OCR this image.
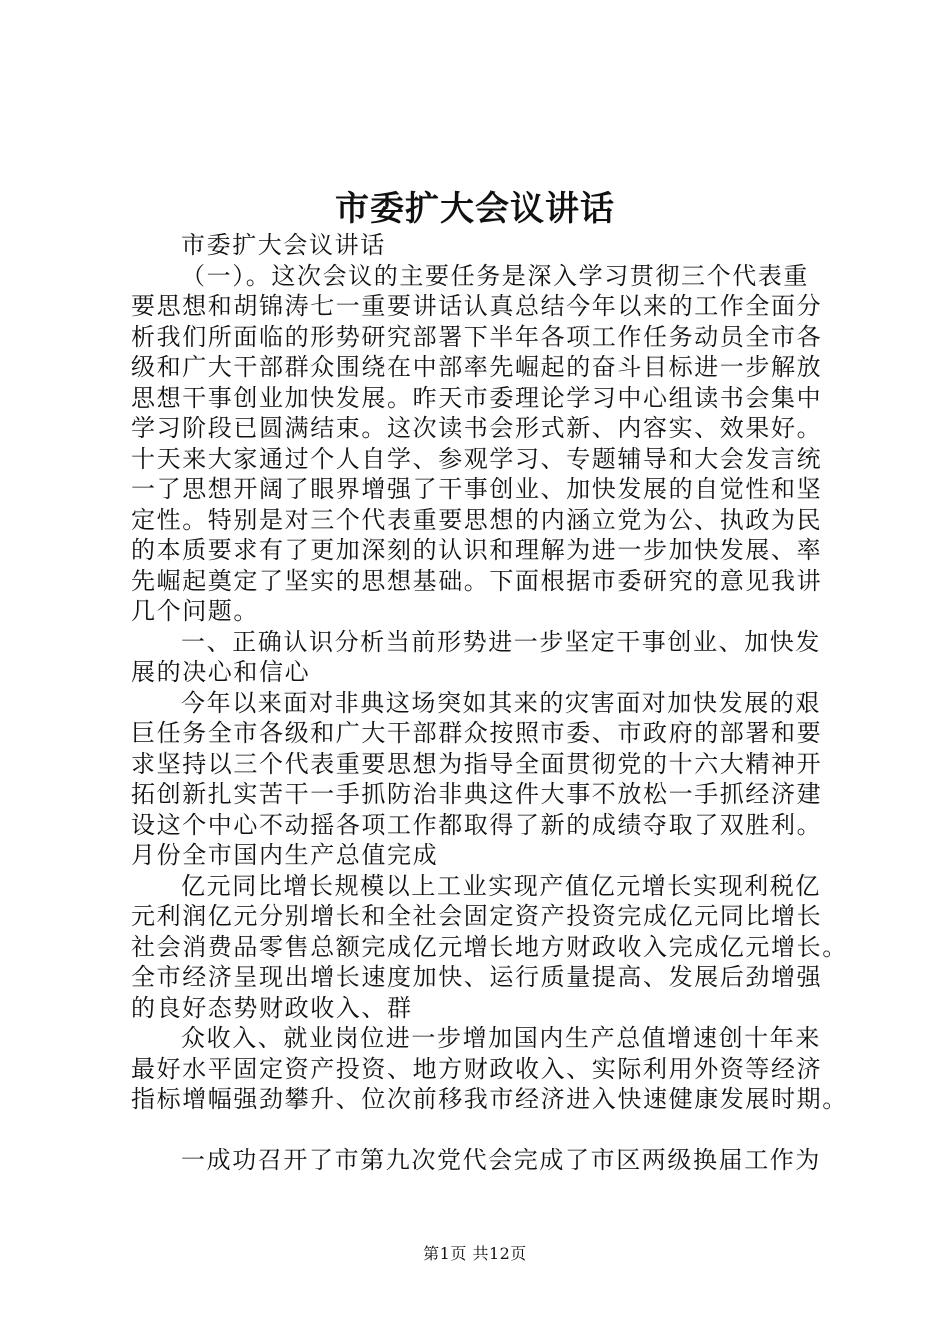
市委扩大会议讲话

市委扩大会议讲话

（一）。这次会议的主要任务是深入学习贯彻三个代表重

要思想和胡锦涛七一重要讲话认真总结今年以来的工作全面分

析我们所面临的形势研究部署下半年各项工作任务动员全市各

级和广大干部群众围绕在中部率先崛起的奋斗目标进一步解放

思想干事创业加快发展。昨天市委理论学习中心组读书会集中

学习阶段已圆满结束。这次读书会形式新、内容实、效果好。

十天来大家通过个人自学、参观学习、专题辅导和大会发言统

一了思想开阔了眼界增强了干事创业、加快发展的自觉性和坚

定性。特别是对三个代表重要思想的内涵立党为公、执政为民

的本质要求有了更加深刻的认识和理解为进一步加快发展、率

先崛起奠定了坚实的思想基础。下面根据市委研究的意见我讲

几个问题。

一、正确认识分析当前形势进一步坚定干事创业、加快发

展的决心和信心

今年以来面对非典这场突如其来的灾害面对加快发展的艰

巨任务全市各级和广大干部群众按照市委、市政府的部署和要

求坚持以三个代表重要思想为指导全面贯彻党的十六大精神开

拓创新扎实苦干一手抓防治非典这件大事不放松一手抓经济建

设这个中心不动摇各项工作都取得了新的成绩夺取了双胜利。

月份全市国内生产总值完成

亿元同比增长规模以上工业实现产值亿元增长实现利税亿

元利润亿元分别增长和全社会固定资产投资完成亿元同比增长

社会消费品零售总额完成亿元增长地方财政收入完成亿元增长。

全市经济呈现出增长速度加快、运行质量提高、发展后劲增强

的良好态势财政收入、群

众收入、就业岗位进一步增加国内生产总值增速创十年来

最好水平固定资产投资、地方财政收入、实际利用外资等经济

指标增幅强劲攀升、位次前移我市经济进入快速健康发展时期。

一成功召开了市第九次党代会完成了市区两级换届工作为

第1页 共12页
